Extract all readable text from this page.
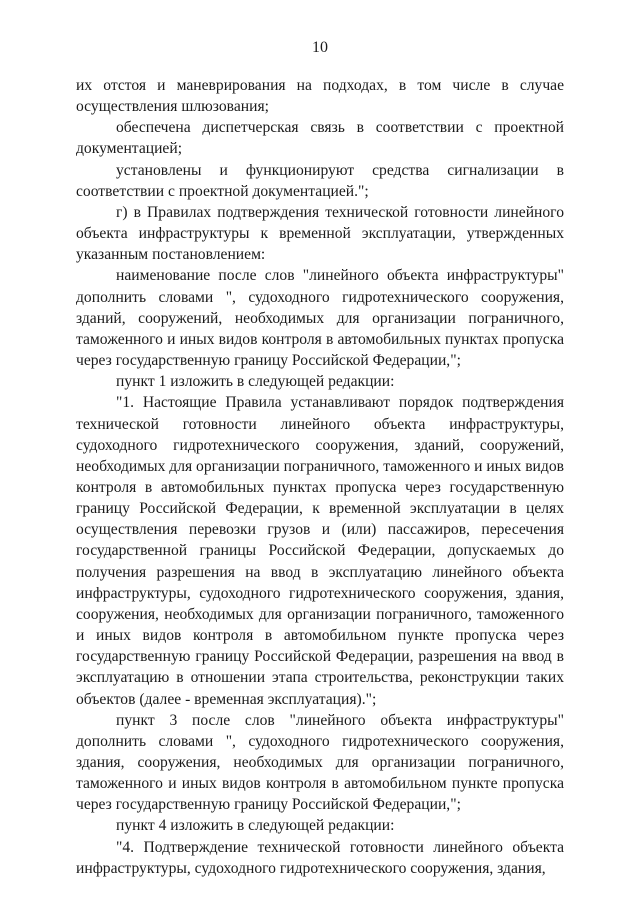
10

их отстоя и маневрирования на подходах, в том числе в случае осуществления шлюзования;

обеспечена диспетчерская связь в соответствии с проектной документацией;

установлены и функционируют средства сигнализации в соответствии с проектной документацией.";

г) в Правилах подтверждения технической готовности линейного объекта инфраструктуры к временной эксплуатации, утвержденных указанным постановлением:

наименование после слов "линейного объекта инфраструктуры" дополнить словами ", судоходного гидротехнического сооружения, зданий, сооружений, необходимых для организации пограничного, таможенного и иных видов контроля в автомобильных пунктах пропуска через государственную границу Российской Федерации,";

пункт 1 изложить в следующей редакции:

"1. Настоящие Правила устанавливают порядок подтверждения технической готовности линейного объекта инфраструктуры, судоходного гидротехнического сооружения, зданий, сооружений, необходимых для организации пограничного, таможенного и иных видов контроля в автомобильных пунктах пропуска через государственную границу Российской Федерации, к временной эксплуатации в целях осуществления перевозки грузов и (или) пассажиров, пересечения государственной границы Российской Федерации, допускаемых до получения разрешения на ввод в эксплуатацию линейного объекта инфраструктуры, судоходного гидротехнического сооружения, здания, сооружения, необходимых для организации пограничного, таможенного и иных видов контроля в автомобильном пункте пропуска через государственную границу Российской Федерации, разрешения на ввод в эксплуатацию в отношении этапа строительства, реконструкции таких объектов (далее - временная эксплуатация).";

пункт 3 после слов "линейного объекта инфраструктуры" дополнить словами ", судоходного гидротехнического сооружения, здания, сооружения, необходимых для организации пограничного, таможенного и иных видов контроля в автомобильном пункте пропуска через государственную границу Российской Федерации,";

пункт 4 изложить в следующей редакции:

"4. Подтверждение технической готовности линейного объекта инфраструктуры, судоходного гидротехнического сооружения, здания,
